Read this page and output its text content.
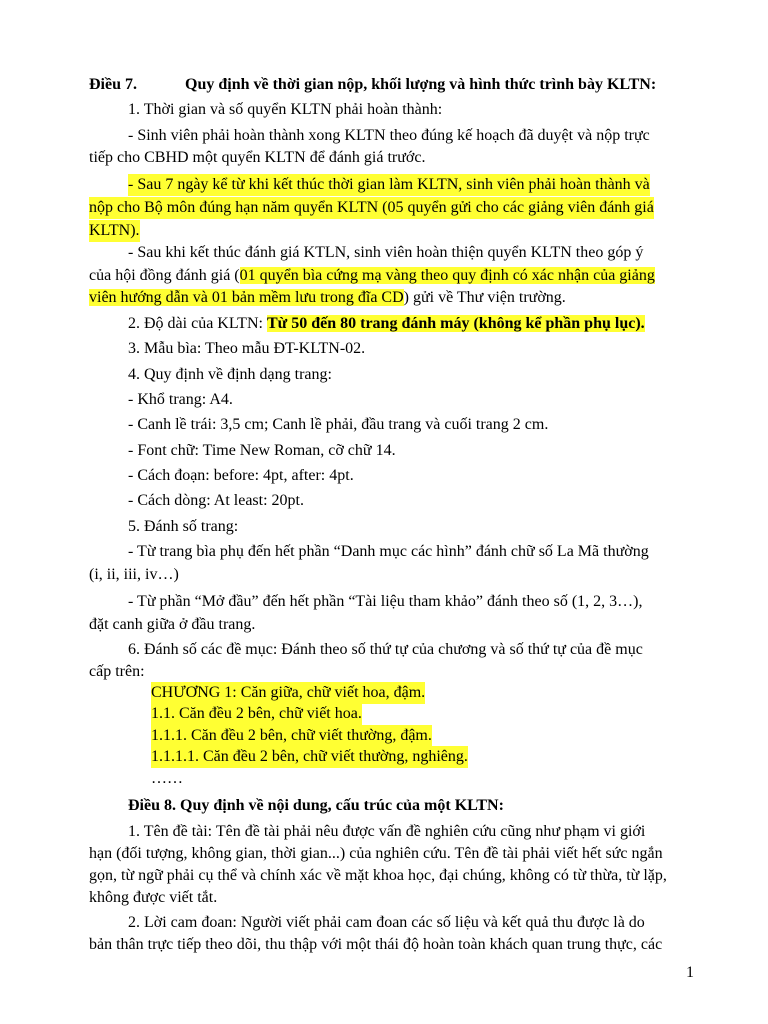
Điều 7.	Quy định về thời gian nộp, khối lượng và hình thức trình bày KLTN:
1. Thời gian và số quyển KLTN phải hoàn thành:
- Sinh viên phải hoàn thành xong KLTN theo đúng kế hoạch đã duyệt và nộp trực
tiếp cho CBHD một quyển KLTN để đánh giá trước.
- Sau 7 ngày kể từ khi kết thúc thời gian làm KLTN, sinh viên phải hoàn thành và
nộp cho Bộ môn đúng hạn năm quyển KLTN (05 quyển gửi cho các giảng viên đánh giá
KLTN).
- Sau khi kết thúc đánh giá KTLN, sinh viên hoàn thiện quyển KLTN theo góp ý
của hội đồng đánh giá (01 quyển bìa cứng mạ vàng theo quy định có xác nhận của giảng
viên hướng dẫn và 01 bản mềm lưu trong đĩa CD) gửi về Thư viện trường.
2. Độ dài của KLTN: Từ 50 đến 80 trang đánh máy (không kể phần phụ lục).
3. Mẫu bìa: Theo mẫu ĐT-KLTN-02.
4. Quy định về định dạng trang:
- Khổ trang: A4.
- Canh lề trái: 3,5 cm; Canh lề phải, đầu trang và cuối trang 2 cm.
- Font chữ: Time New Roman, cỡ chữ 14.
- Cách đoạn: before: 4pt, after: 4pt.
- Cách dòng: At least: 20pt.
5. Đánh số trang:
- Từ trang bìa phụ đến hết phần “Danh mục các hình” đánh chữ số La Mã thường
(i, ii, iii, iv…)
- Từ phần “Mở đầu” đến hết phần “Tài liệu tham khảo” đánh theo số (1, 2, 3…),
đặt canh giữa ở đầu trang.
6. Đánh số các đề mục: Đánh theo số thứ tự của chương và số thứ tự của đề mục
cấp trên:
CHƯƠNG 1: Căn giữa, chữ viết hoa, đậm.
1.1. Căn đều 2 bên, chữ viết hoa.
1.1.1. Căn đều 2 bên, chữ viết thường, đậm.
1.1.1.1. Căn đều 2 bên, chữ viết thường, nghiêng.
……
Điều 8. Quy định về nội dung, cấu trúc của một KLTN:
1. Tên đề tài: Tên đề tài phải nêu được vấn đề nghiên cứu cũng như phạm vi giới
hạn (đối tượng, không gian, thời gian...) của nghiên cứu. Tên đề tài phải viết hết sức ngắn
gọn, từ ngữ phải cụ thể và chính xác về mặt khoa học, đại chúng, không có từ thừa, từ lặp,
không được viết tắt.
2. Lời cam đoan: Người viết phải cam đoan các số liệu và kết quả thu được là do
bản thân trực tiếp theo dõi, thu thập với một thái độ hoàn toàn khách quan trung thực, các
1
